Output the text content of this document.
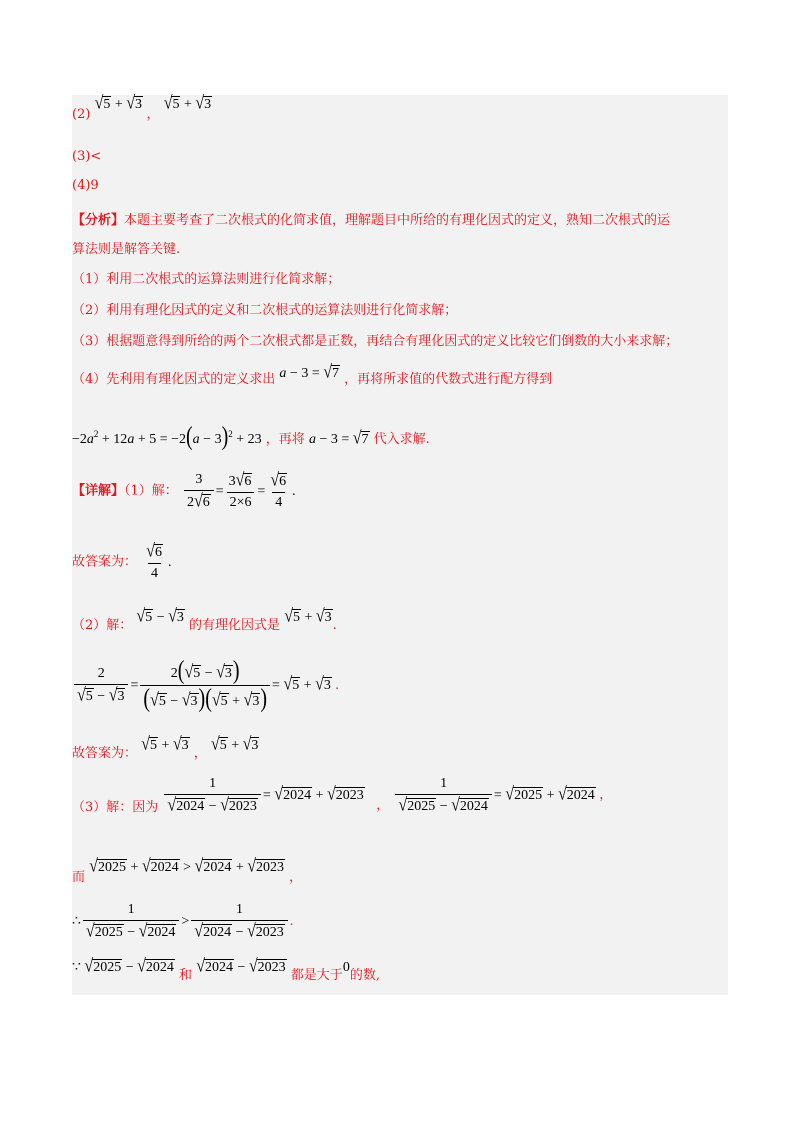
(2) √5 + √3 ， √5 + √3
(3)<
(4)9
【分析】本题主要考查了二次根式的化简求值，理解题目中所给的有理化因式的定义，熟知二次根式的运
算法则是解答关键.
（1）利用二次根式的运算法则进行化简求解；
（2）利用有理化因式的定义和二次根式的运算法则进行化简求解；
（3）根据题意得到所给的两个二次根式都是正数，再结合有理化因式的定义比较它们倒数的大小来求解；
（4）先利用有理化因式的定义求出 a − 3 = √7 ，再将所求值的代数式进行配方得到
$-2a^2 + 12a + 5 = -2(a - 3)^2 + 23$ ，再将 a − 3 = √7 代入求解.
【详解】（1）解： $\frac{3}{2√6} = \frac{3√6}{2\times 6} = \frac{√6}{4}$ .
故答案为： $\frac{√6}{4}$ .
（2）解： √5 − √3 的有理化因式是 √5 + √3.
$\frac{2}{√5 - √3} = \frac{2(√5 - √3)}{(√5 - √3)(√5 + √3)} = √5 + √3$ .
故答案为： √5 + √3 ， √5 + √3
（3）解：因为 $\frac{1}{√2024 - √2023} = √2024 + √2023$ ， $\frac{1}{√2025 - √2024} = √2025 + √2024$ ，
而 √2025 + √2024 > √2024 + √2023 ，
∴ $\frac{1}{√2025 - √2024} > \frac{1}{√2024 - √2023}$ .
∵ √2025 − √2024 和 √2024 − √2023 都是大于0的数,
